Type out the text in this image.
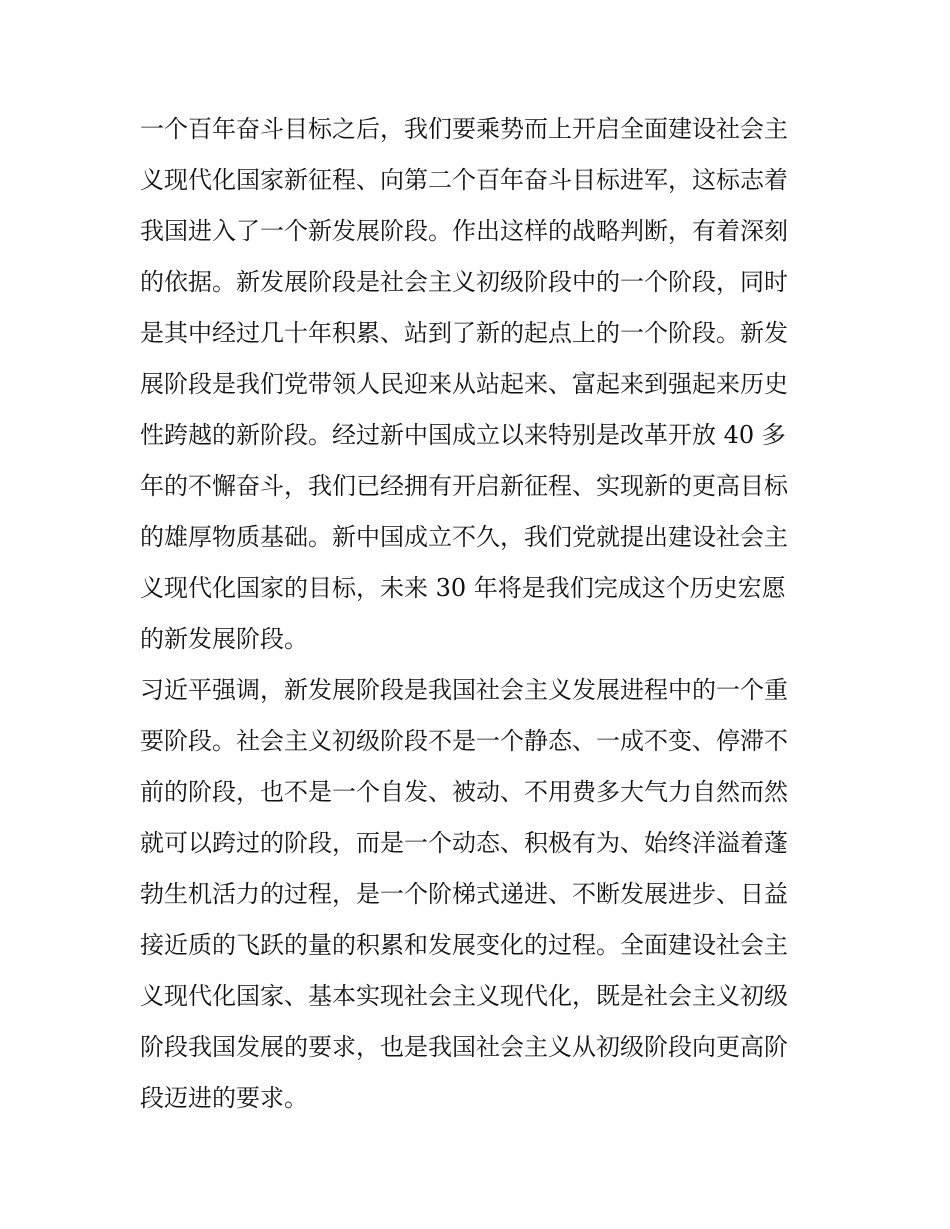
一个百年奋斗目标之后，我们要乘势而上开启全面建设社会主
义现代化国家新征程、向第二个百年奋斗目标进军，这标志着
我国进入了一个新发展阶段。作出这样的战略判断，有着深刻
的依据。新发展阶段是社会主义初级阶段中的一个阶段，同时
是其中经过几十年积累、站到了新的起点上的一个阶段。新发
展阶段是我们党带领人民迎来从站起来、富起来到强起来历史
性跨越的新阶段。经过新中国成立以来特别是改革开放 40 多
年的不懈奋斗，我们已经拥有开启新征程、实现新的更高目标
的雄厚物质基础。新中国成立不久，我们党就提出建设社会主
义现代化国家的目标，未来 30 年将是我们完成这个历史宏愿
的新发展阶段。
习近平强调，新发展阶段是我国社会主义发展进程中的一个重
要阶段。社会主义初级阶段不是一个静态、一成不变、停滞不
前的阶段，也不是一个自发、被动、不用费多大气力自然而然
就可以跨过的阶段，而是一个动态、积极有为、始终洋溢着蓬
勃生机活力的过程，是一个阶梯式递进、不断发展进步、日益
接近质的飞跃的量的积累和发展变化的过程。全面建设社会主
义现代化国家、基本实现社会主义现代化，既是社会主义初级
阶段我国发展的要求，也是我国社会主义从初级阶段向更高阶
段迈进的要求。
